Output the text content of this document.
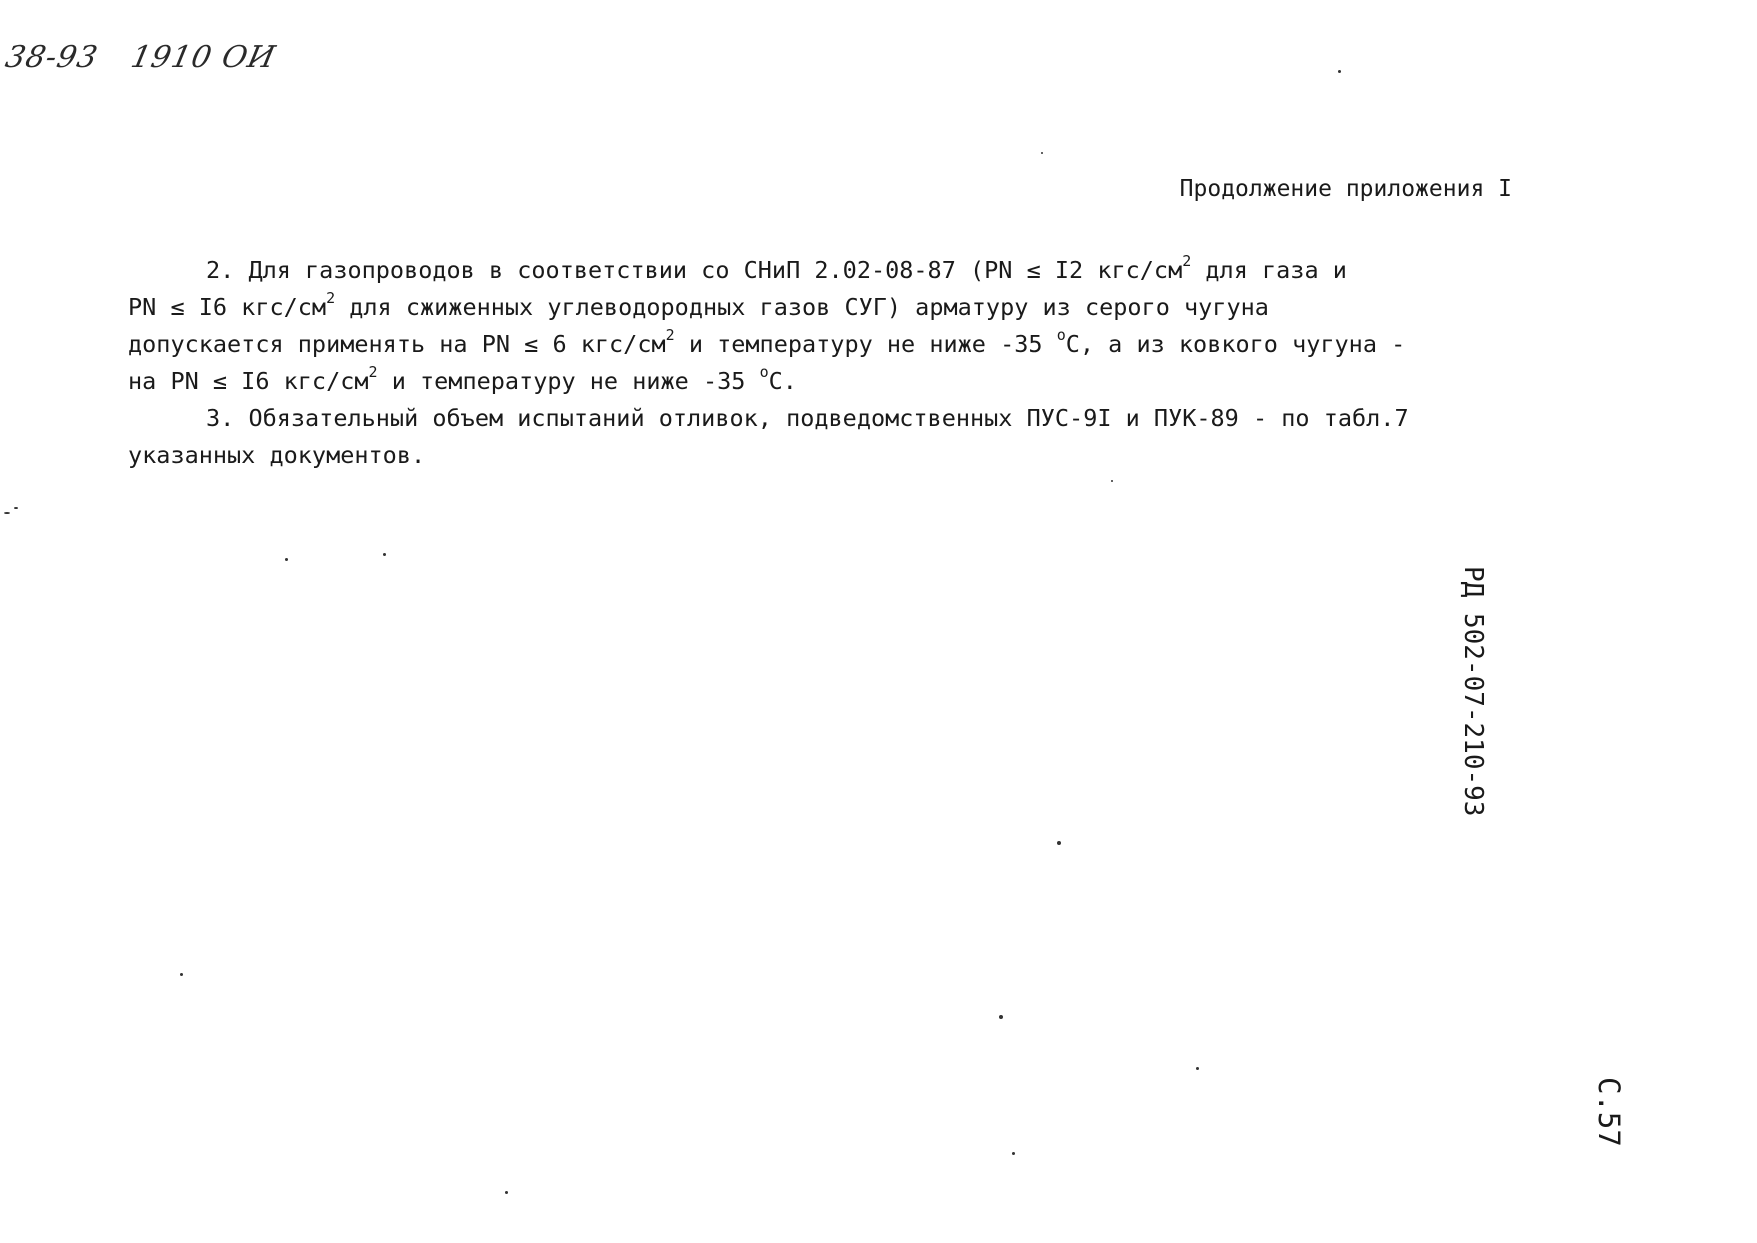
38-93 1910 ОИ
Продолжение приложения I
2. Для газопроводов в соответствии со СНиП 2.02-08-87 (PN ≤ I2 кгс/$см^2$ для газа и
PN ≤ I6 кгс/$см^2$ для сжиженных углеводородных газов СУГ) арматуру из серого чугуна
допускается применять на PN ≤ 6 кгс/$см^2$ и температуру не ниже -35 $^о$С, а из ковкого чугуна -
на PN ≤ I6 кгс/$см^2$ и температуру не ниже -35 $^о$С.
3. Обязательный объем испытаний отливок, подведомственных ПУС-9I и ПУК-89 - по табл.7
указанных документов.
РД 502-07-210-93
С.57
